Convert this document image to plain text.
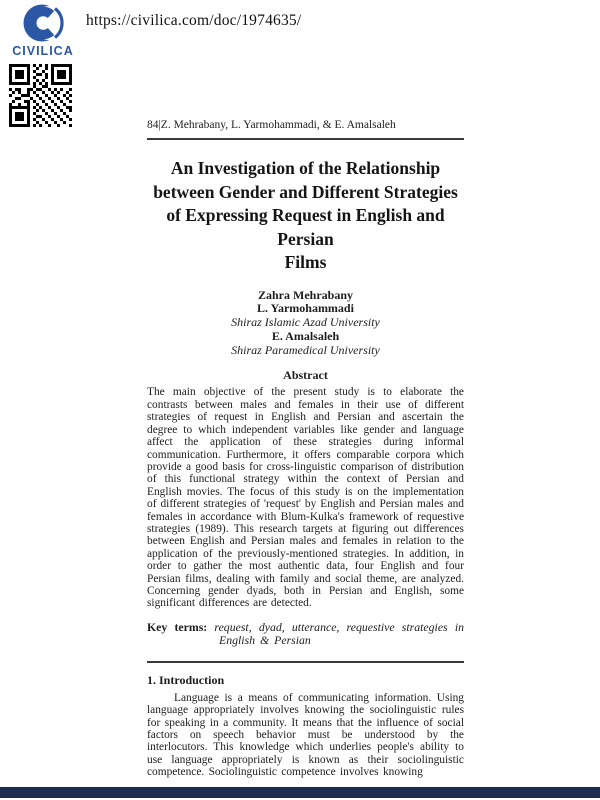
CIVILICA
https://civilica.com/doc/1974635/
84|Z. Mehrabany, L. Yarmohammadi, & E. Amalsaleh
An Investigation of the Relationship
between Gender and Different Strategies
of Expressing Request in English and Persian
Films
Zahra Mehrabany
L. Yarmohammadi
Shiraz Islamic Azad University
E. Amalsaleh
Shiraz Paramedical University
Abstract

The main objective of the present study is to elaborate the contrasts between males and females in their use of different strategies of request in English and Persian and ascertain the degree to which independent variables like gender and language affect the application of these strategies during informal communication. Furthermore, it offers comparable corpora which provide a good basis for cross-linguistic comparison of distribution of this functional strategy within the context of Persian and English movies. The focus of this study is on the implementation of different strategies of 'request' by English and Persian males and females in accordance with Blum-Kulka's framework of requestive strategies (1989). This research targets at figuring out differences between English and Persian males and females in relation to the application of the previously-mentioned strategies. In addition, in order to gather the most authentic data, four English and four Persian films, dealing with family and social theme, are analyzed. Concerning gender dyads, both in Persian and English, some significant differences are detected.

Key terms: request, dyad, utterance, requestive strategies in English & Persian

1. Introduction

Language is a means of communicating information. Using language appropriately involves knowing the sociolinguistic rules for speaking in a community. It means that the influence of social factors on speech behavior must be understood by the interlocutors. This knowledge which underlies people's ability to use language appropriately is known as their sociolinguistic competence. Sociolinguistic competence involves knowing
